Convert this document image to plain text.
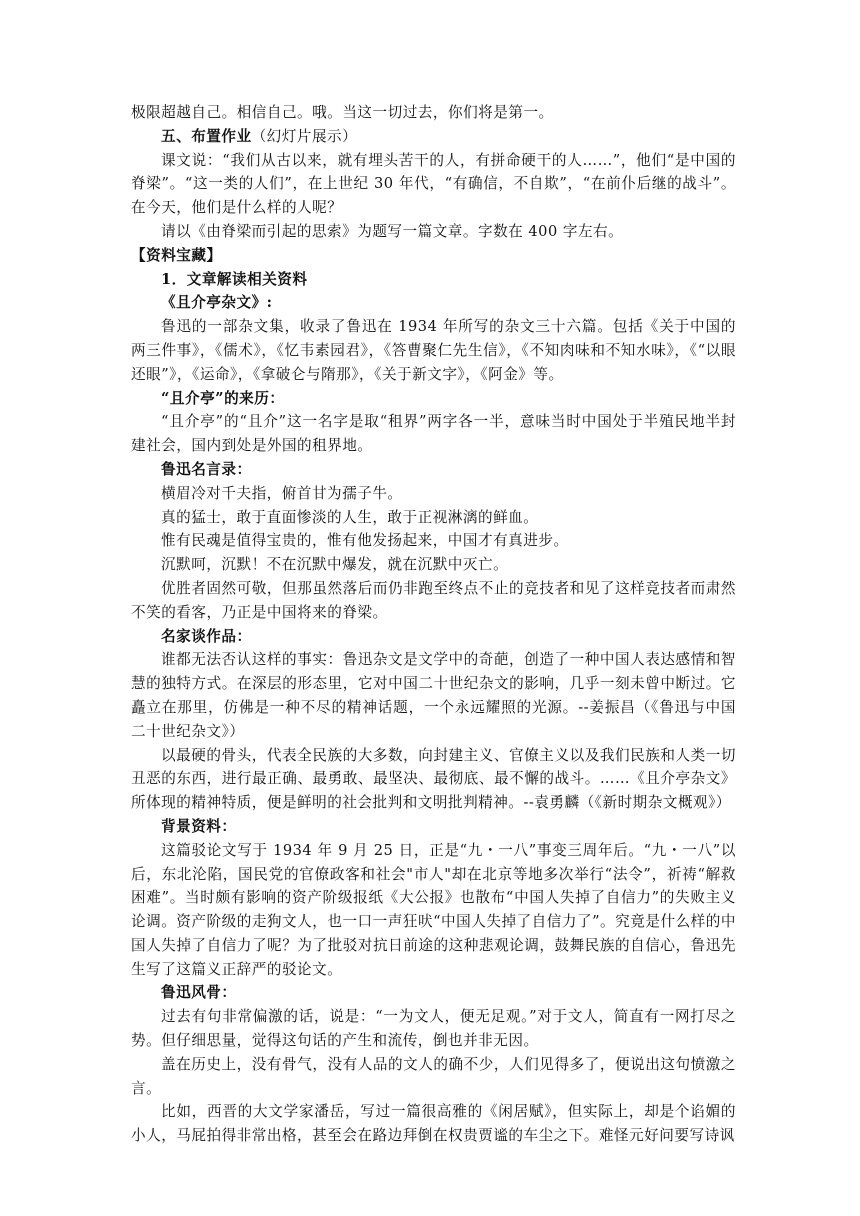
极限超越自己。相信自己。哦。当这一切过去，你们将是第一。

五、布置作业（幻灯片展示）

课文说：“我们从古以来，就有埋头苦干的人，有拼命硬干的人……”，他们“是中国的脊梁”。“这一类的人们”，在上世纪 30 年代，“有确信，不自欺”，“在前仆后继的战斗”。在今天，他们是什么样的人呢？

请以《由脊梁而引起的思索》为题写一篇文章。字数在 400 字左右。

【资料宝藏】

1．文章解读相关资料

《且介亭杂文》:

鲁迅的一部杂文集，收录了鲁迅在 1934 年所写的杂文三十六篇。包括《关于中国的两三件事》，《儒术》，《忆韦素园君》，《答曹聚仁先生信》，《不知肉味和不知水味》，《“以眼还眼”》，《运命》，《拿破仑与隋那》，《关于新文字》，《阿金》等。

“且介亭”的来历：

“且介亭”的“且介”这一名字是取“租界”两字各一半，意味当时中国处于半殖民地半封建社会，国内到处是外国的租界地。

鲁迅名言录：

横眉冷对千夫指，俯首甘为孺子牛。

真的猛士，敢于直面惨淡的人生，敢于正视淋漓的鲜血。

惟有民魂是值得宝贵的，惟有他发扬起来，中国才有真进步。

沉默呵，沉默！不在沉默中爆发，就在沉默中灭亡。

优胜者固然可敬，但那虽然落后而仍非跑至终点不止的竞技者和见了这样竞技者而肃然不笑的看客，乃正是中国将来的脊梁。

名家谈作品：

谁都无法否认这样的事实：鲁迅杂文是文学中的奇葩，创造了一种中国人表达感情和智慧的独特方式。在深层的形态里，它对中国二十世纪杂文的影响，几乎一刻未曾中断过。它矗立在那里，仿佛是一种不尽的精神话题，一个永远耀照的光源。--姜振昌（《鲁迅与中国二十世纪杂文》）

以最硬的骨头，代表全民族的大多数，向封建主义、官僚主义以及我们民族和人类一切丑恶的东西，进行最正确、最勇敢、最坚决、最彻底、最不懈的战斗。……《且介亭杂文》所体现的精神特质，便是鲜明的社会批判和文明批判精神。--袁勇麟（《新时期杂文概观》）

背景资料：

这篇驳论文写于 1934 年 9 月 25 日，正是“九・一八”事变三周年后。“九・一八”以后，东北沦陷，国民党的官僚政客和社会"市人"却在北京等地多次举行“法令”，祈祷“解救困难”。当时颇有影响的资产阶级报纸《大公报》也散布“中国人失掉了自信力”的失败主义论调。资产阶级的走狗文人，也一口一声狂吠“中国人失掉了自信力了”。究竟是什么样的中国人失掉了自信力了呢？为了批驳对抗日前途的这种悲观论调，鼓舞民族的自信心，鲁迅先生写了这篇义正辞严的驳论文。

鲁迅风骨：

过去有句非常偏激的话，说是：“一为文人，便无足观。”对于文人，简直有一网打尽之势。但仔细思量，觉得这句话的产生和流传，倒也并非无因。

盖在历史上，没有骨气，没有人品的文人的确不少，人们见得多了，便说出这句愤激之言。

比如，西晋的大文学家潘岳，写过一篇很高雅的《闲居赋》，但实际上，却是个谄媚的小人，马屁拍得非常出格，甚至会在路边拜倒在权贵贾谧的车尘之下。难怪元好问要写诗讽
